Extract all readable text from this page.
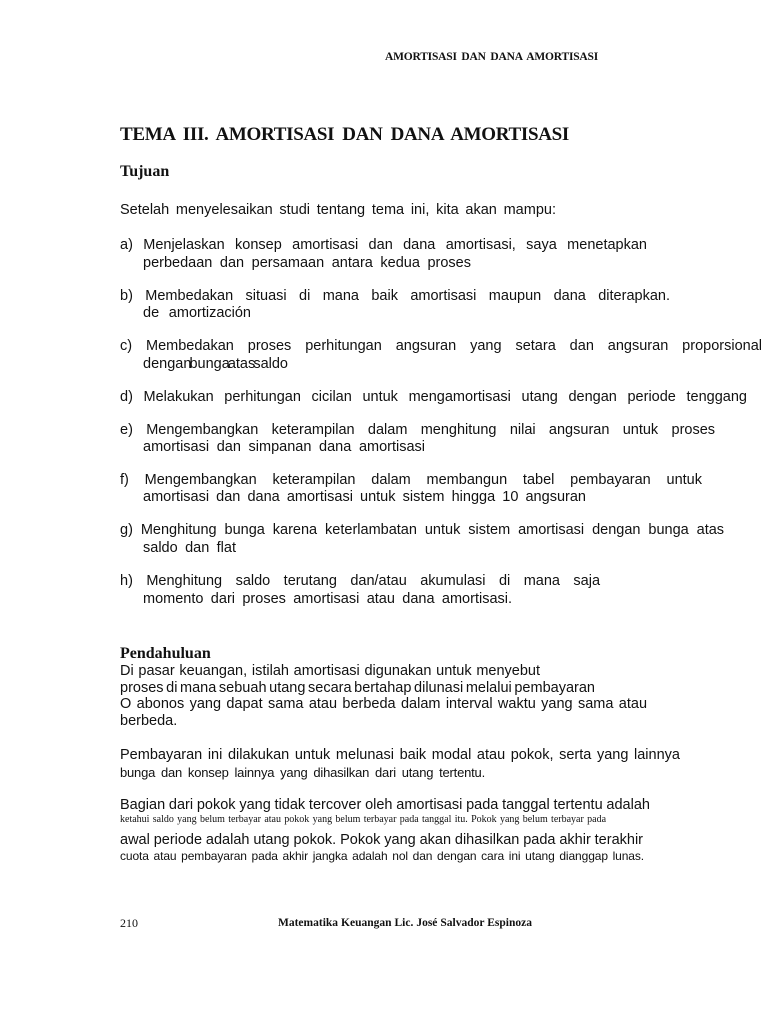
AMORTISASI DAN DANA AMORTISASI
TEMA III. AMORTISASI DAN DANA AMORTISASI
Tujuan

Setelah menyelesaikan studi tentang tema ini, kita akan mampu:

a) Menjelaskan konsep amortisasi dan dana amortisasi, saya menetapkan
perbedaan dan persamaan antara kedua proses
b) Membedakan situasi di mana baik amortisasi maupun dana diterapkan.
de amortización
c) Membedakan proses perhitungan angsuran yang setara dan angsuran proporsional
dengan bunga atas saldo
d) Melakukan perhitungan cicilan untuk mengamortisasi utang dengan periode tenggang
e) Mengembangkan keterampilan dalam menghitung nilai angsuran untuk proses
amortisasi dan simpanan dana amortisasi
f) Mengembangkan keterampilan dalam membangun tabel pembayaran untuk
amortisasi dan dana amortisasi untuk sistem hingga 10 angsuran
g) Menghitung bunga karena keterlambatan untuk sistem amortisasi dengan bunga atas
saldo dan flat
h) Menghitung saldo terutang dan/atau akumulasi di mana saja
momento dari proses amortisasi atau dana amortisasi.
Pendahuluan
Di pasar keuangan, istilah amortisasi digunakan untuk menyebut
proses di mana sebuah utang secara bertahap dilunasi melalui pembayaran
O abonos yang dapat sama atau berbeda dalam interval waktu yang sama atau
berbeda.
Pembayaran ini dilakukan untuk melunasi baik modal atau pokok, serta yang lainnya
bunga dan konsep lainnya yang dihasilkan dari utang tertentu.
Bagian dari pokok yang tidak tercover oleh amortisasi pada tanggal tertentu adalah
ketahui saldo yang belum terbayar atau pokok yang belum terbayar pada tanggal itu. Pokok yang belum terbayar pada
awal periode adalah utang pokok. Pokok yang akan dihasilkan pada akhir terakhir
cuota atau pembayaran pada akhir jangka adalah nol dan dengan cara ini utang dianggap lunas.
210	Matematika Keuangan Lic. José Salvador Espinoza
